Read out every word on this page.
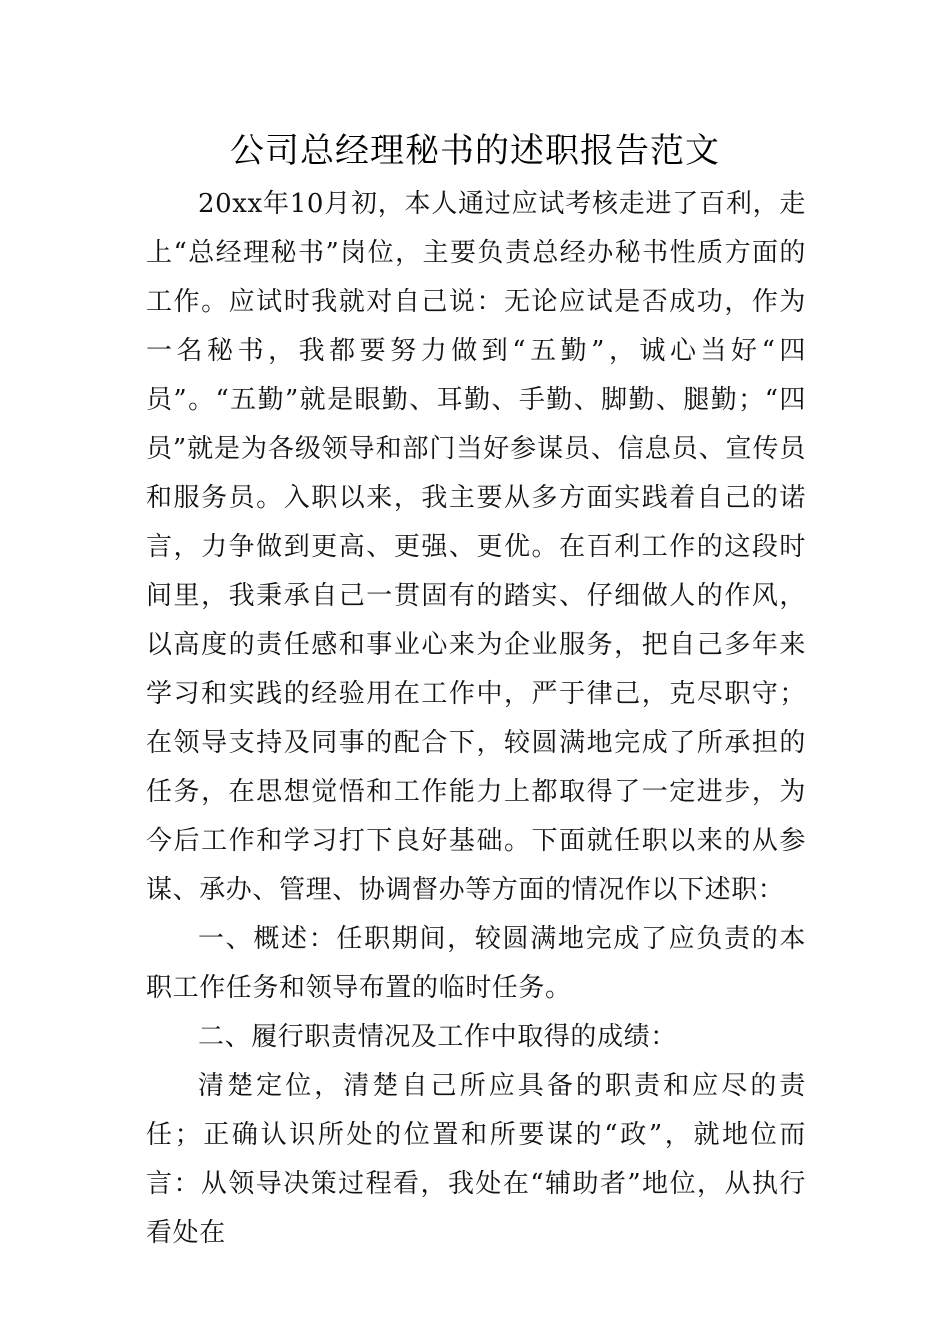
公司总经理秘书的述职报告范文

20xx年10月初，本人通过应试考核走进了百利，走上“总经理秘书”岗位，主要负责总经办秘书性质方面的工作。应试时我就对自己说：无论应试是否成功，作为一名秘书，我都要努力做到“五勤”，诚心当好“四员”。“五勤”就是眼勤、耳勤、手勤、脚勤、腿勤；“四员”就是为各级领导和部门当好参谋员、信息员、宣传员和服务员。入职以来，我主要从多方面实践着自己的诺言，力争做到更高、更强、更优。在百利工作的这段时间里，我秉承自己一贯固有的踏实、仔细做人的作风，以高度的责任感和事业心来为企业服务，把自己多年来学习和实践的经验用在工作中，严于律己，克尽职守；在领导支持及同事的配合下，较圆满地完成了所承担的任务，在思想觉悟和工作能力上都取得了一定进步，为今后工作和学习打下良好基础。下面就任职以来的从参谋、承办、管理、协调督办等方面的情况作以下述职：

一、概述：任职期间，较圆满地完成了应负责的本职工作任务和领导布置的临时任务。

二、履行职责情况及工作中取得的成绩：

清楚定位，清楚自己所应具备的职责和应尽的责任；正确认识所处的位置和所要谋的“政”，就地位而言：从领导决策过程看，我处在“辅助者”地位，从执行看处在
